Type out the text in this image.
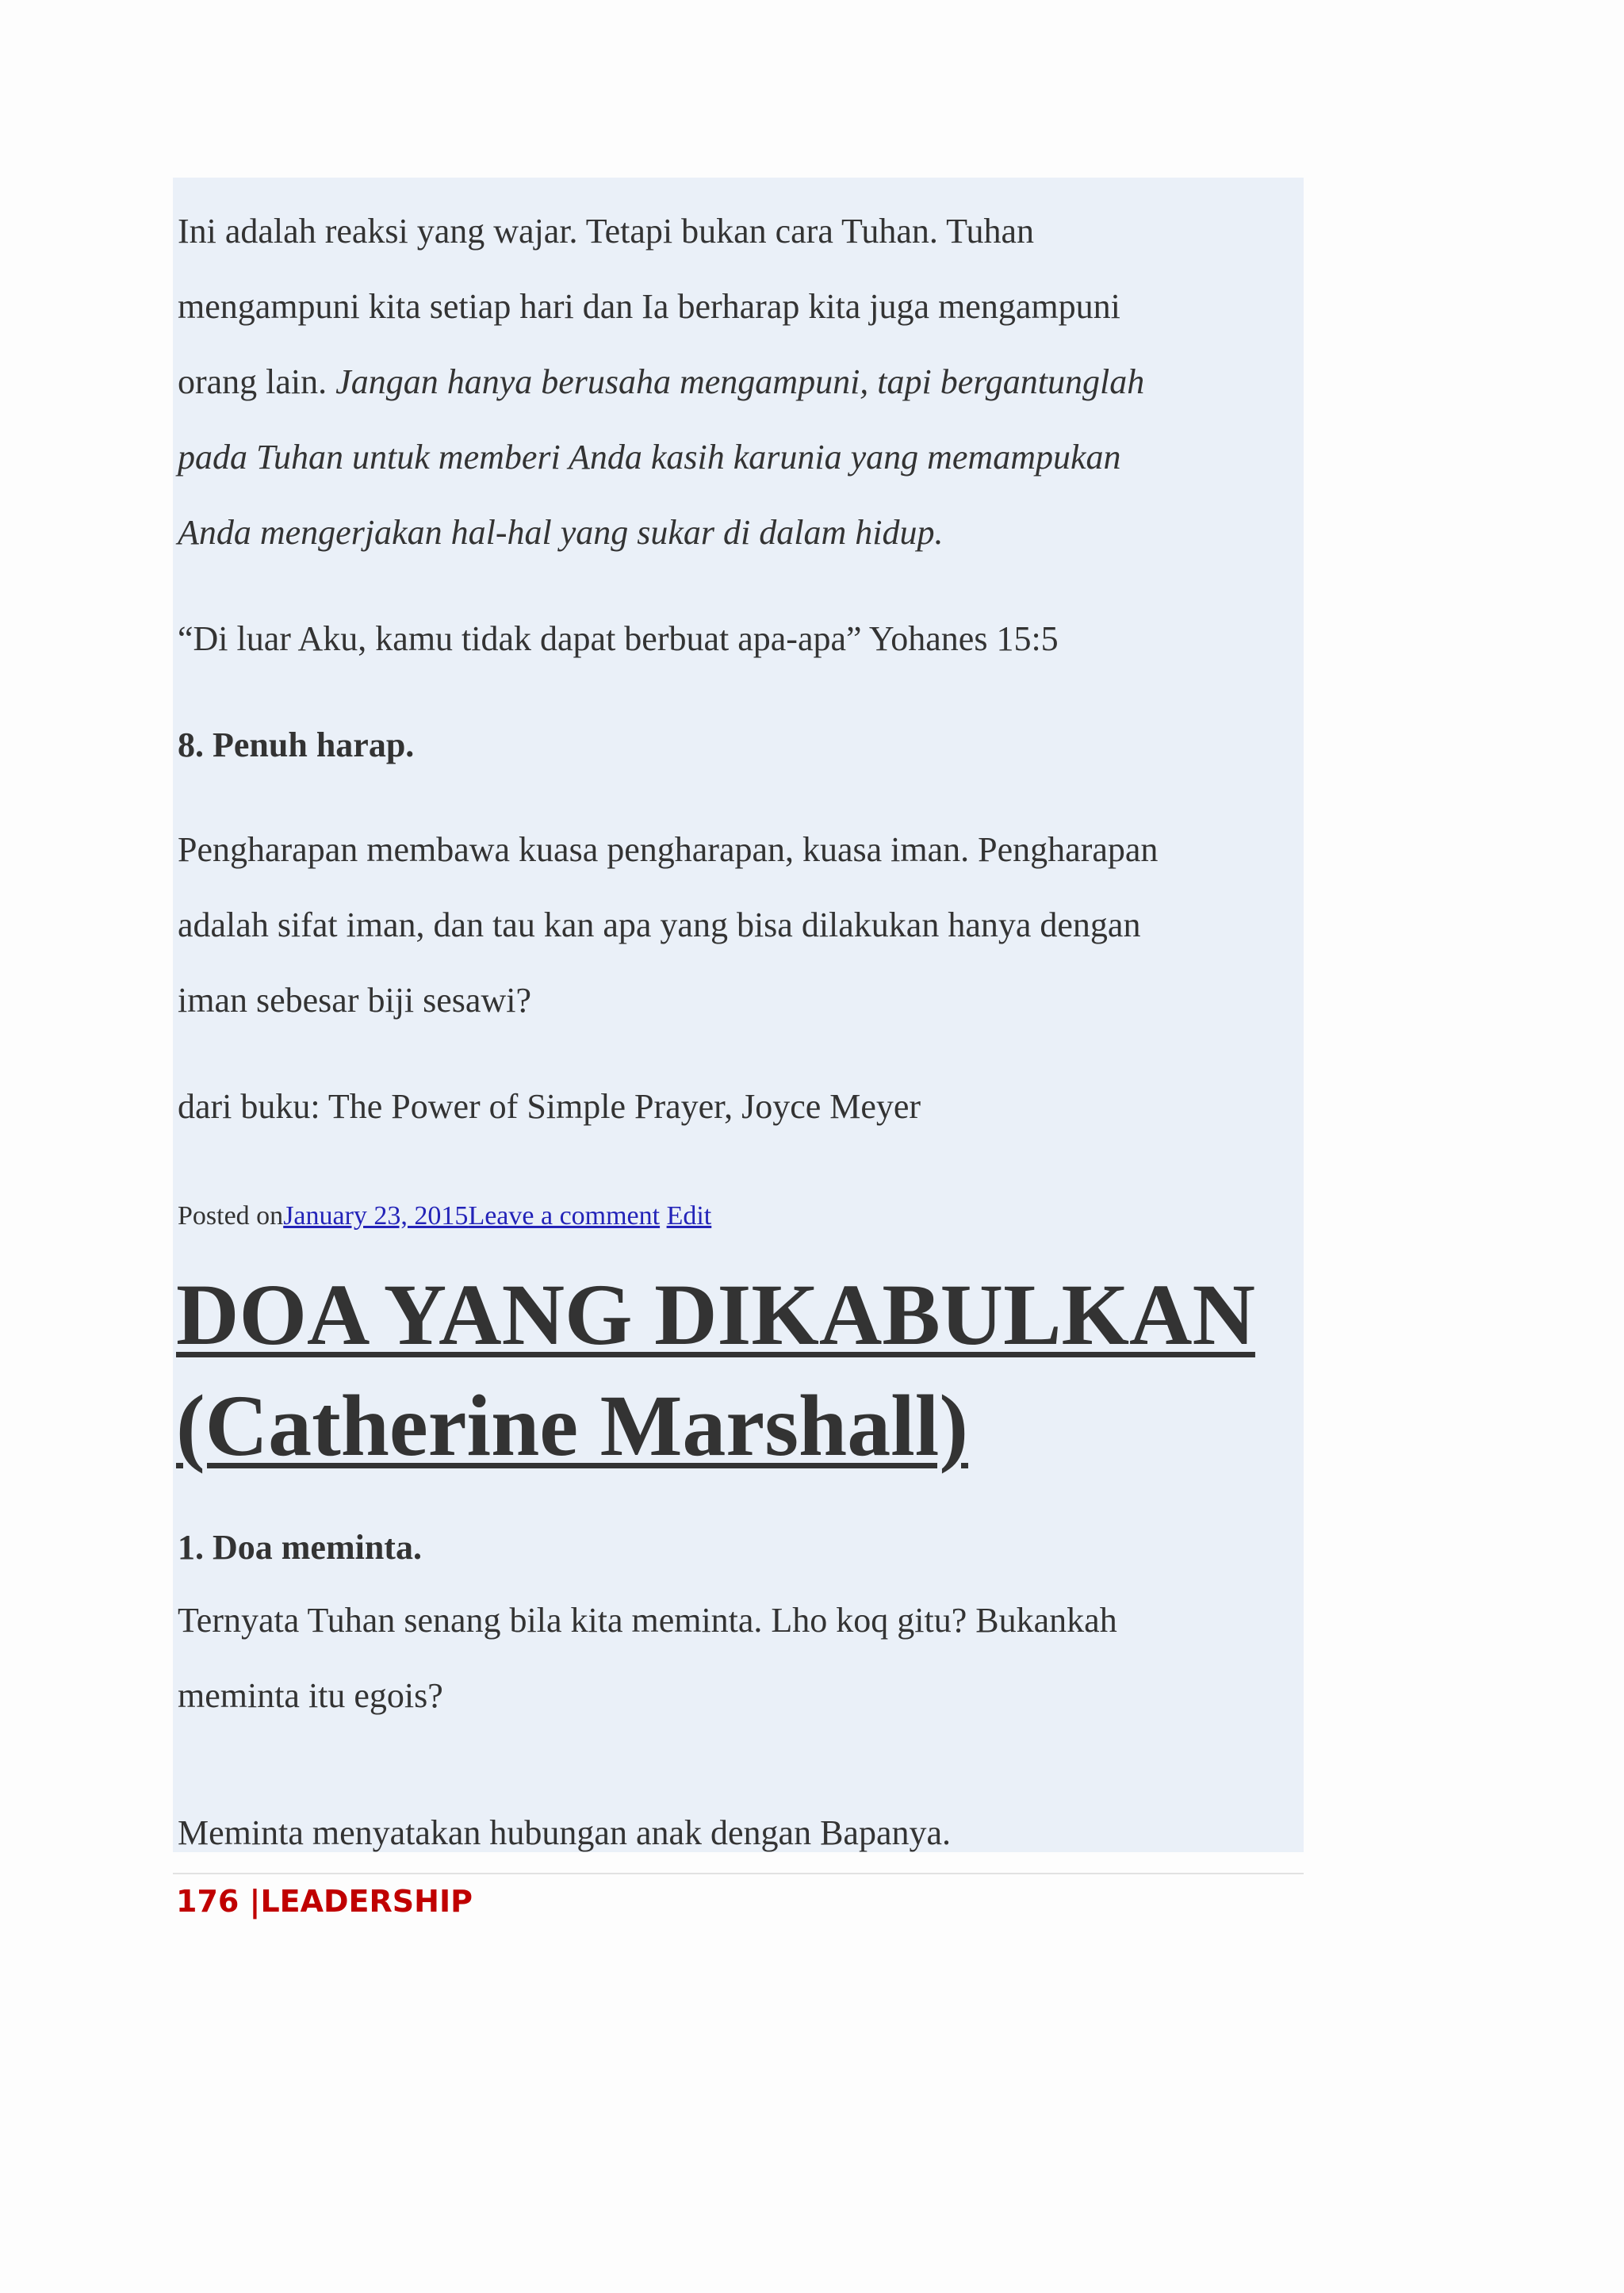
Ini adalah reaksi yang wajar. Tetapi bukan cara Tuhan. Tuhan

mengampuni kita setiap hari dan Ia berharap kita juga mengampuni

orang lain. Jangan hanya berusaha mengampuni, tapi bergantunglah

pada Tuhan untuk memberi Anda kasih karunia yang memampukan

Anda mengerjakan hal-hal yang sukar di dalam hidup.

“Di luar Aku, kamu tidak dapat berbuat apa-apa” Yohanes 15:5

8. Penuh harap.

Pengharapan membawa kuasa pengharapan, kuasa iman. Pengharapan

adalah sifat iman, dan tau kan apa yang bisa dilakukan hanya dengan

iman sebesar biji sesawi?

dari buku: The Power of Simple Prayer, Joyce Meyer

Posted onJanuary 23, 2015Leave a comment Edit
DOA YANG DIKABULKAN
(Catherine Marshall)

1. Doa meminta.

Ternyata Tuhan senang bila kita meminta. Lho koq gitu? Bukankah

meminta itu egois?

Meminta menyatakan hubungan anak dengan Bapanya.

176 |LEADERSHIP
